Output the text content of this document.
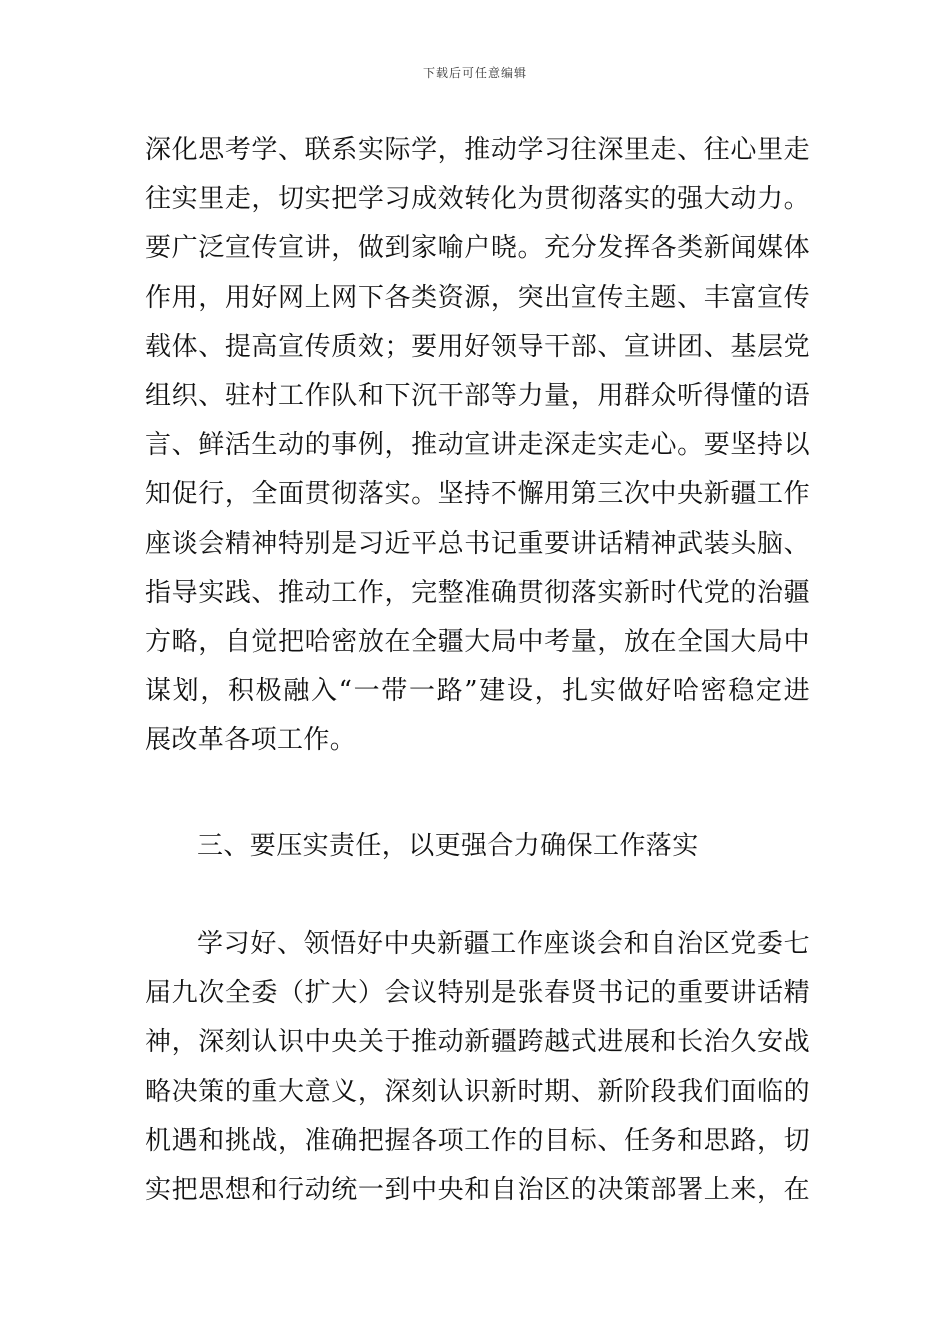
下载后可任意编辑
深化思考学、联系实际学，推动学习往深里走、往心里走
往实里走，切实把学习成效转化为贯彻落实的强大动力。
要广泛宣传宣讲，做到家喻户晓。充分发挥各类新闻媒体
作用，用好网上网下各类资源，突出宣传主题、丰富宣传
载体、提高宣传质效；要用好领导干部、宣讲团、基层党
组织、驻村工作队和下沉干部等力量，用群众听得懂的语
言、鲜活生动的事例，推动宣讲走深走实走心。要坚持以
知促行，全面贯彻落实。坚持不懈用第三次中央新疆工作
座谈会精神特别是习近平总书记重要讲话精神武装头脑、
指导实践、推动工作，完整准确贯彻落实新时代党的治疆
方略，自觉把哈密放在全疆大局中考量，放在全国大局中
谋划，积极融入“一带一路”建设，扎实做好哈密稳定进
展改革各项工作。
三、要压实责任，以更强合力确保工作落实
学习好、领悟好中央新疆工作座谈会和自治区党委七
届九次全委（扩大）会议特别是张春贤书记的重要讲话精
神，深刻认识中央关于推动新疆跨越式进展和长治久安战
略决策的重大意义，深刻认识新时期、新阶段我们面临的
机遇和挑战，准确把握各项工作的目标、任务和思路，切
实把思想和行动统一到中央和自治区的决策部署上来，在
